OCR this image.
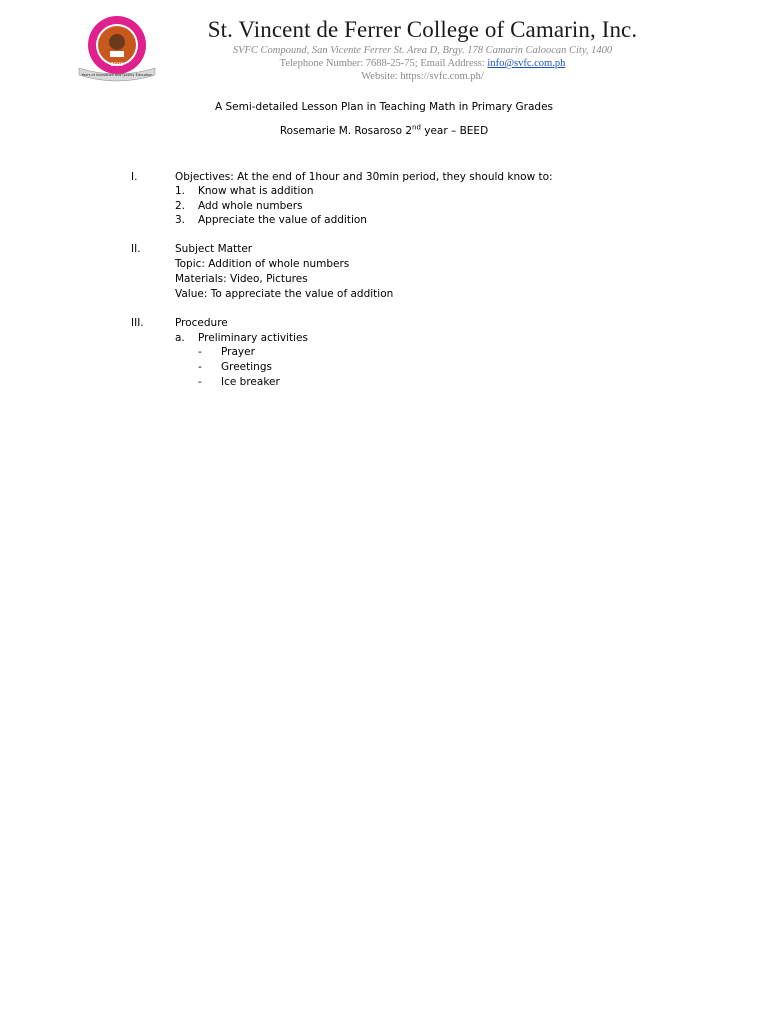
2001
Years of Innovation and Quality Education
St. Vincent de Ferrer College of Camarin, Inc.
SVFC Compound, San Vicente Ferrer St. Area D, Brgy. 178 Camarin Caloocan City, 1400
Telephone Number: 7688-25-75; Email Address: info@svfc.com.ph
Website: https://svfc.com.ph/
A Semi-detailed Lesson Plan in Teaching Math in Primary Grades
Rosemarie M. Rosaroso 2nd year – BEED
I.	Objectives: At the end of 1hour and 30min period, they should know to:
1. Know what is addition
2. Add whole numbers
3. Appreciate the value of addition
II.	Subject Matter
Topic: Addition of whole numbers
Materials: Video, Pictures
Value: To appreciate the value of addition
III.	Procedure
a. Preliminary activities
- Prayer
- Greetings
- Ice breaker
